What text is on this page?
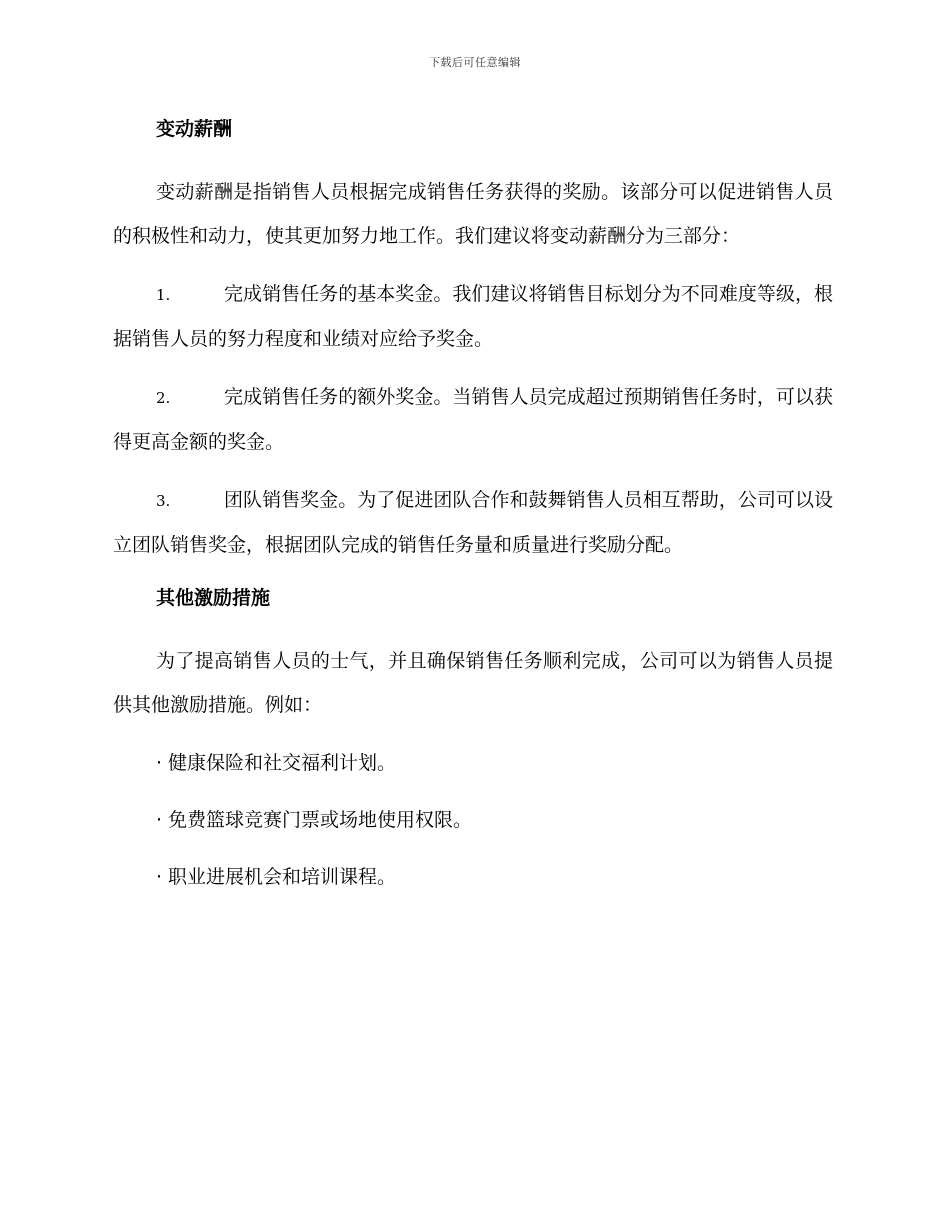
下载后可任意编辑
变动薪酬

变动薪酬是指销售人员根据完成销售任务获得的奖励。该部分可以促进销售人员的积极性和动力，使其更加努力地工作。我们建议将变动薪酬分为三部分：

1.	完成销售任务的基本奖金。我们建议将销售目标划分为不同难度等级，根据销售人员的努力程度和业绩对应给予奖金。

2.	完成销售任务的额外奖金。当销售人员完成超过预期销售任务时，可以获得更高金额的奖金。

3.	团队销售奖金。为了促进团队合作和鼓舞销售人员相互帮助，公司可以设立团队销售奖金，根据团队完成的销售任务量和质量进行奖励分配。

其他激励措施

为了提高销售人员的士气，并且确保销售任务顺利完成，公司可以为销售人员提供其他激励措施。例如：

· 健康保险和社交福利计划。
· 免费篮球竞赛门票或场地使用权限。
· 职业进展机会和培训课程。
